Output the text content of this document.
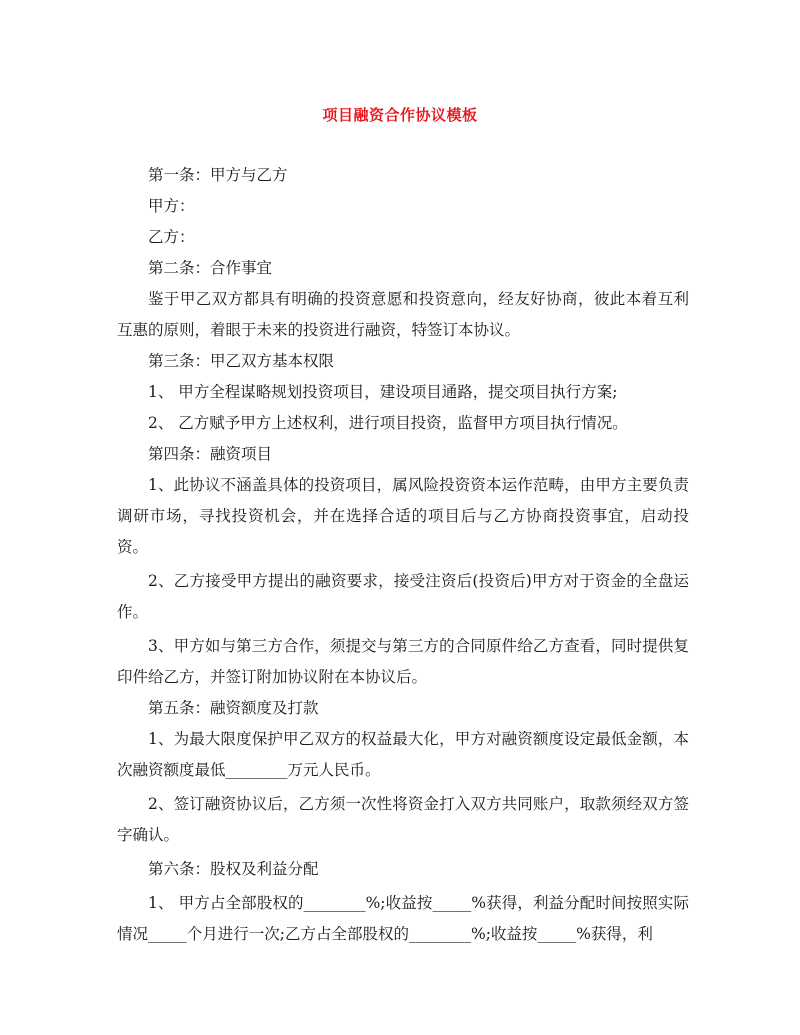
项目融资合作协议模板

第一条：甲方与乙方

甲方：

乙方：

第二条：合作事宜

鉴于甲乙双方都具有明确的投资意愿和投资意向，经友好协商，彼此本着互利互惠的原则，着眼于未来的投资进行融资，特签订本协议。

第三条：甲乙双方基本权限

1、 甲方全程谋略规划投资项目，建设项目通路，提交项目执行方案;

2、 乙方赋予甲方上述权利，进行项目投资，监督甲方项目执行情况。

第四条：融资项目

1、此协议不涵盖具体的投资项目，属风险投资资本运作范畴，由甲方主要负责调研市场，寻找投资机会，并在选择合适的项目后与乙方协商投资事宜，启动投资。

2、乙方接受甲方提出的融资要求，接受注资后(投资后)甲方对于资金的全盘运作。

3、甲方如与第三方合作，须提交与第三方的合同原件给乙方查看，同时提供复印件给乙方，并签订附加协议附在本协议后。

第五条：融资额度及打款

1、为最大限度保护甲乙双方的权益最大化，甲方对融资额度设定最低金额，本次融资额度最低________万元人民币。

2、签订融资协议后，乙方须一次性将资金打入双方共同账户，取款须经双方签字确认。

第六条：股权及利益分配

1、 甲方占全部股权的________%;收益按_____%获得，利益分配时间按照实际情况_____个月进行一次;乙方占全部股权的________%;收益按_____%获得，利
